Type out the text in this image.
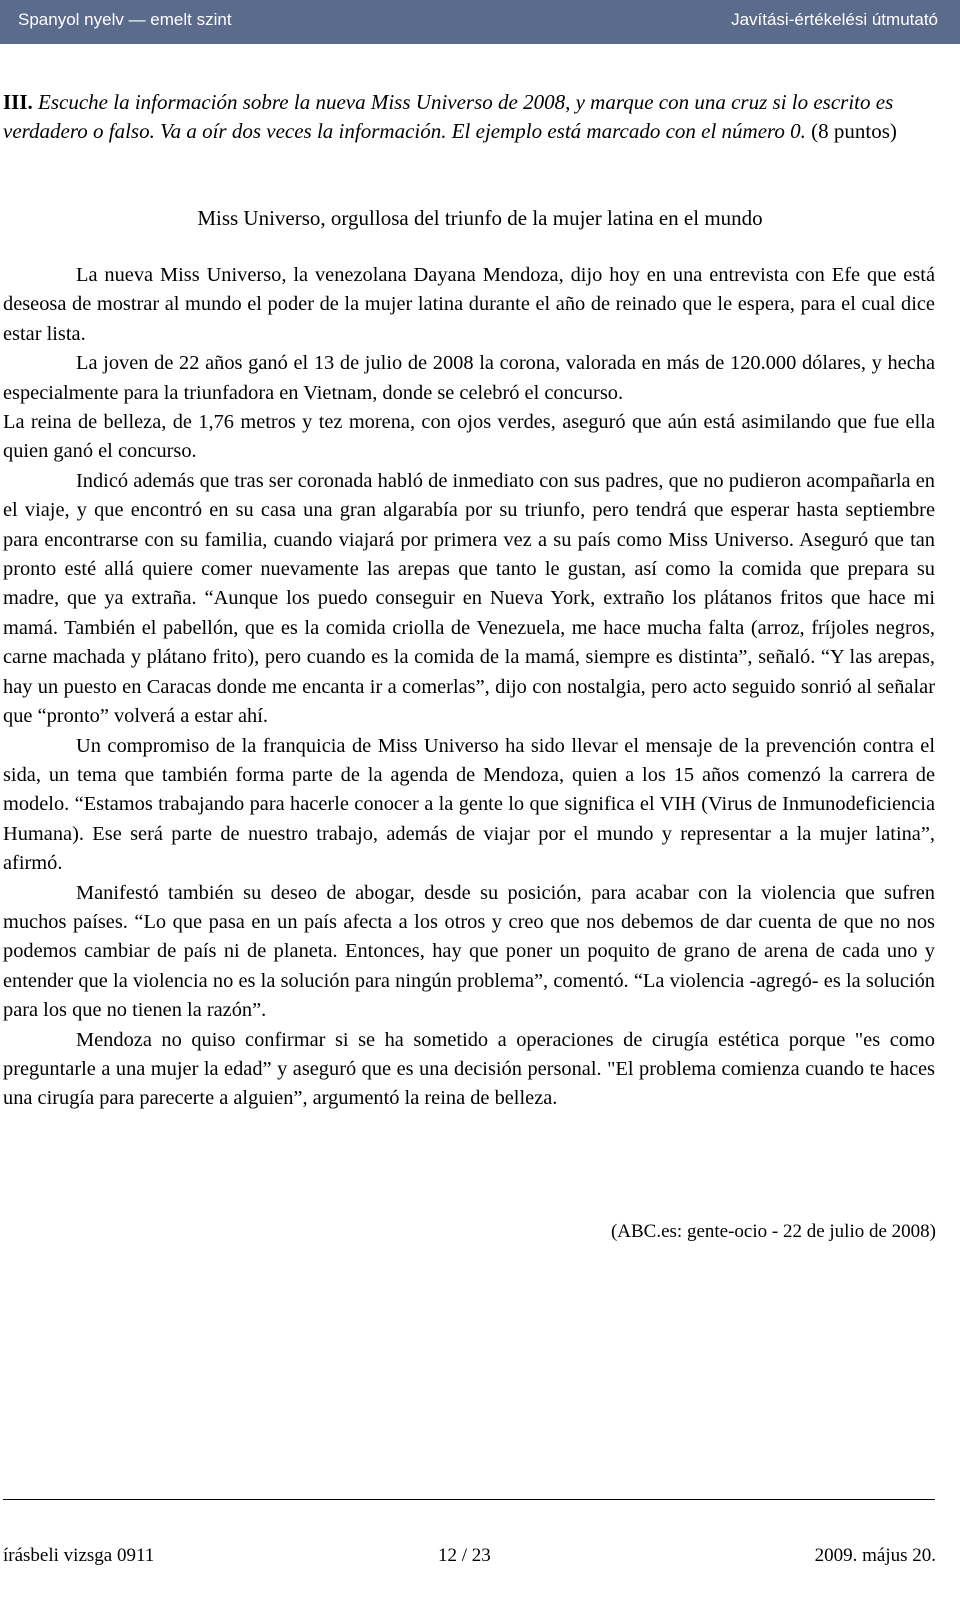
Spanyol nyelv — emelt szint	Javítási-értékelési útmutató
III. Escuche la información sobre la nueva Miss Universo de 2008, y marque con una cruz si lo escrito es verdadero o falso. Va a oír dos veces la información. El ejemplo está marcado con el número 0. (8 puntos)
Miss Universo, orgullosa del triunfo de la mujer latina en el mundo

La nueva Miss Universo, la venezolana Dayana Mendoza, dijo hoy en una entrevista con Efe que está deseosa de mostrar al mundo el poder de la mujer latina durante el año de reinado que le espera, para el cual dice estar lista.

La joven de 22 años ganó el 13 de julio de 2008 la corona, valorada en más de 120.000 dólares, y hecha especialmente para la triunfadora en Vietnam, donde se celebró el concurso.

La reina de belleza, de 1,76 metros y tez morena, con ojos verdes, aseguró que aún está asimilando que fue ella quien ganó el concurso.

Indicó además que tras ser coronada habló de inmediato con sus padres, que no pudieron acompañarla en el viaje, y que encontró en su casa una gran algarabía por su triunfo, pero tendrá que esperar hasta septiembre para encontrarse con su familia, cuando viajará por primera vez a su país como Miss Universo. Aseguró que tan pronto esté allá quiere comer nuevamente las arepas que tanto le gustan, así como la comida que prepara su madre, que ya extraña. “Aunque los puedo conseguir en Nueva York, extraño los plátanos fritos que hace mi mamá. También el pabellón, que es la comida criolla de Venezuela, me hace mucha falta (arroz, fríjoles negros, carne machada y plátano frito), pero cuando es la comida de la mamá, siempre es distinta”, señaló. “Y las arepas, hay un puesto en Caracas donde me encanta ir a comerlas”, dijo con nostalgia, pero acto seguido sonrió al señalar que “pronto” volverá a estar ahí.

Un compromiso de la franquicia de Miss Universo ha sido llevar el mensaje de la prevención contra el sida, un tema que también forma parte de la agenda de Mendoza, quien a los 15 años comenzó la carrera de modelo. “Estamos trabajando para hacerle conocer a la gente lo que significa el VIH (Virus de Inmunodeficiencia Humana). Ese será parte de nuestro trabajo, además de viajar por el mundo y representar a la mujer latina”, afirmó.

Manifestó también su deseo de abogar, desde su posición, para acabar con la violencia que sufren muchos países. “Lo que pasa en un país afecta a los otros y creo que nos debemos de dar cuenta de que no nos podemos cambiar de país ni de planeta. Entonces, hay que poner un poquito de grano de arena de cada uno y entender que la violencia no es la solución para ningún problema”, comentó. “La violencia -agregó- es la solución para los que no tienen la razón”.

Mendoza no quiso confirmar si se ha sometido a operaciones de cirugía estética porque "es como preguntarle a una mujer la edad” y aseguró que es una decisión personal. "El problema comienza cuando te haces una cirugía para parecerte a alguien”, argumentó la reina de belleza.

(ABC.es: gente-ocio - 22 de julio de 2008)
írásbeli vizsga 0911	12 / 23	2009. május 20.
